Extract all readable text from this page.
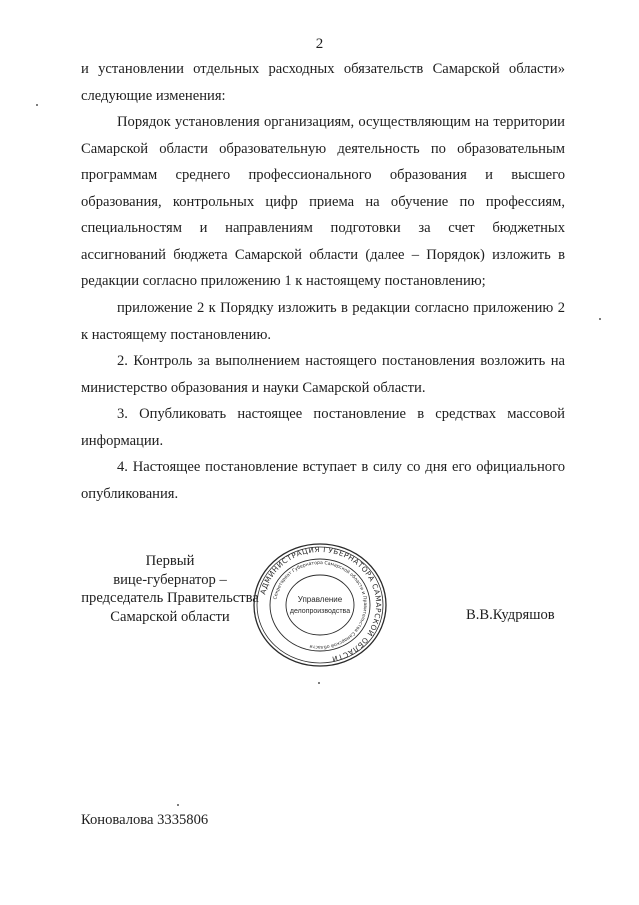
2

и установлении отдельных расходных обязательств Самарской области» следующие изменения:

Порядок установления организациям, осуществляющим на территории Самарской области образовательную деятельность по образовательным программам среднего профессионального образования и высшего образования, контрольных цифр приема на обучение по профессиям, специальностям и направлениям подготовки за счет бюджетных ассигнований бюджета Самарской области (далее – Порядок) изложить в редакции согласно приложению 1 к настоящему постановлению;

приложение 2 к Порядку изложить в редакции согласно приложению 2 к настоящему постановлению.

2. Контроль за выполнением настоящего постановления возложить на министерство образования и науки Самарской области.

3. Опубликовать настоящее постановление в средствах массовой информации.

4. Настоящее постановление вступает в силу со дня его официального опубликования.

Первый
вице-губернатор –
председатель Правительства
Самарской области
АДМИНИСТРАЦИЯ ГУБЕРНАТОРА САМАРСКОЙ ОБЛАСТИ
Секретариат Губернатора Самарской области и Правительства Самарской области
Управление
делопроизводства	В.В.Кудряшов
Коновалова 3335806
